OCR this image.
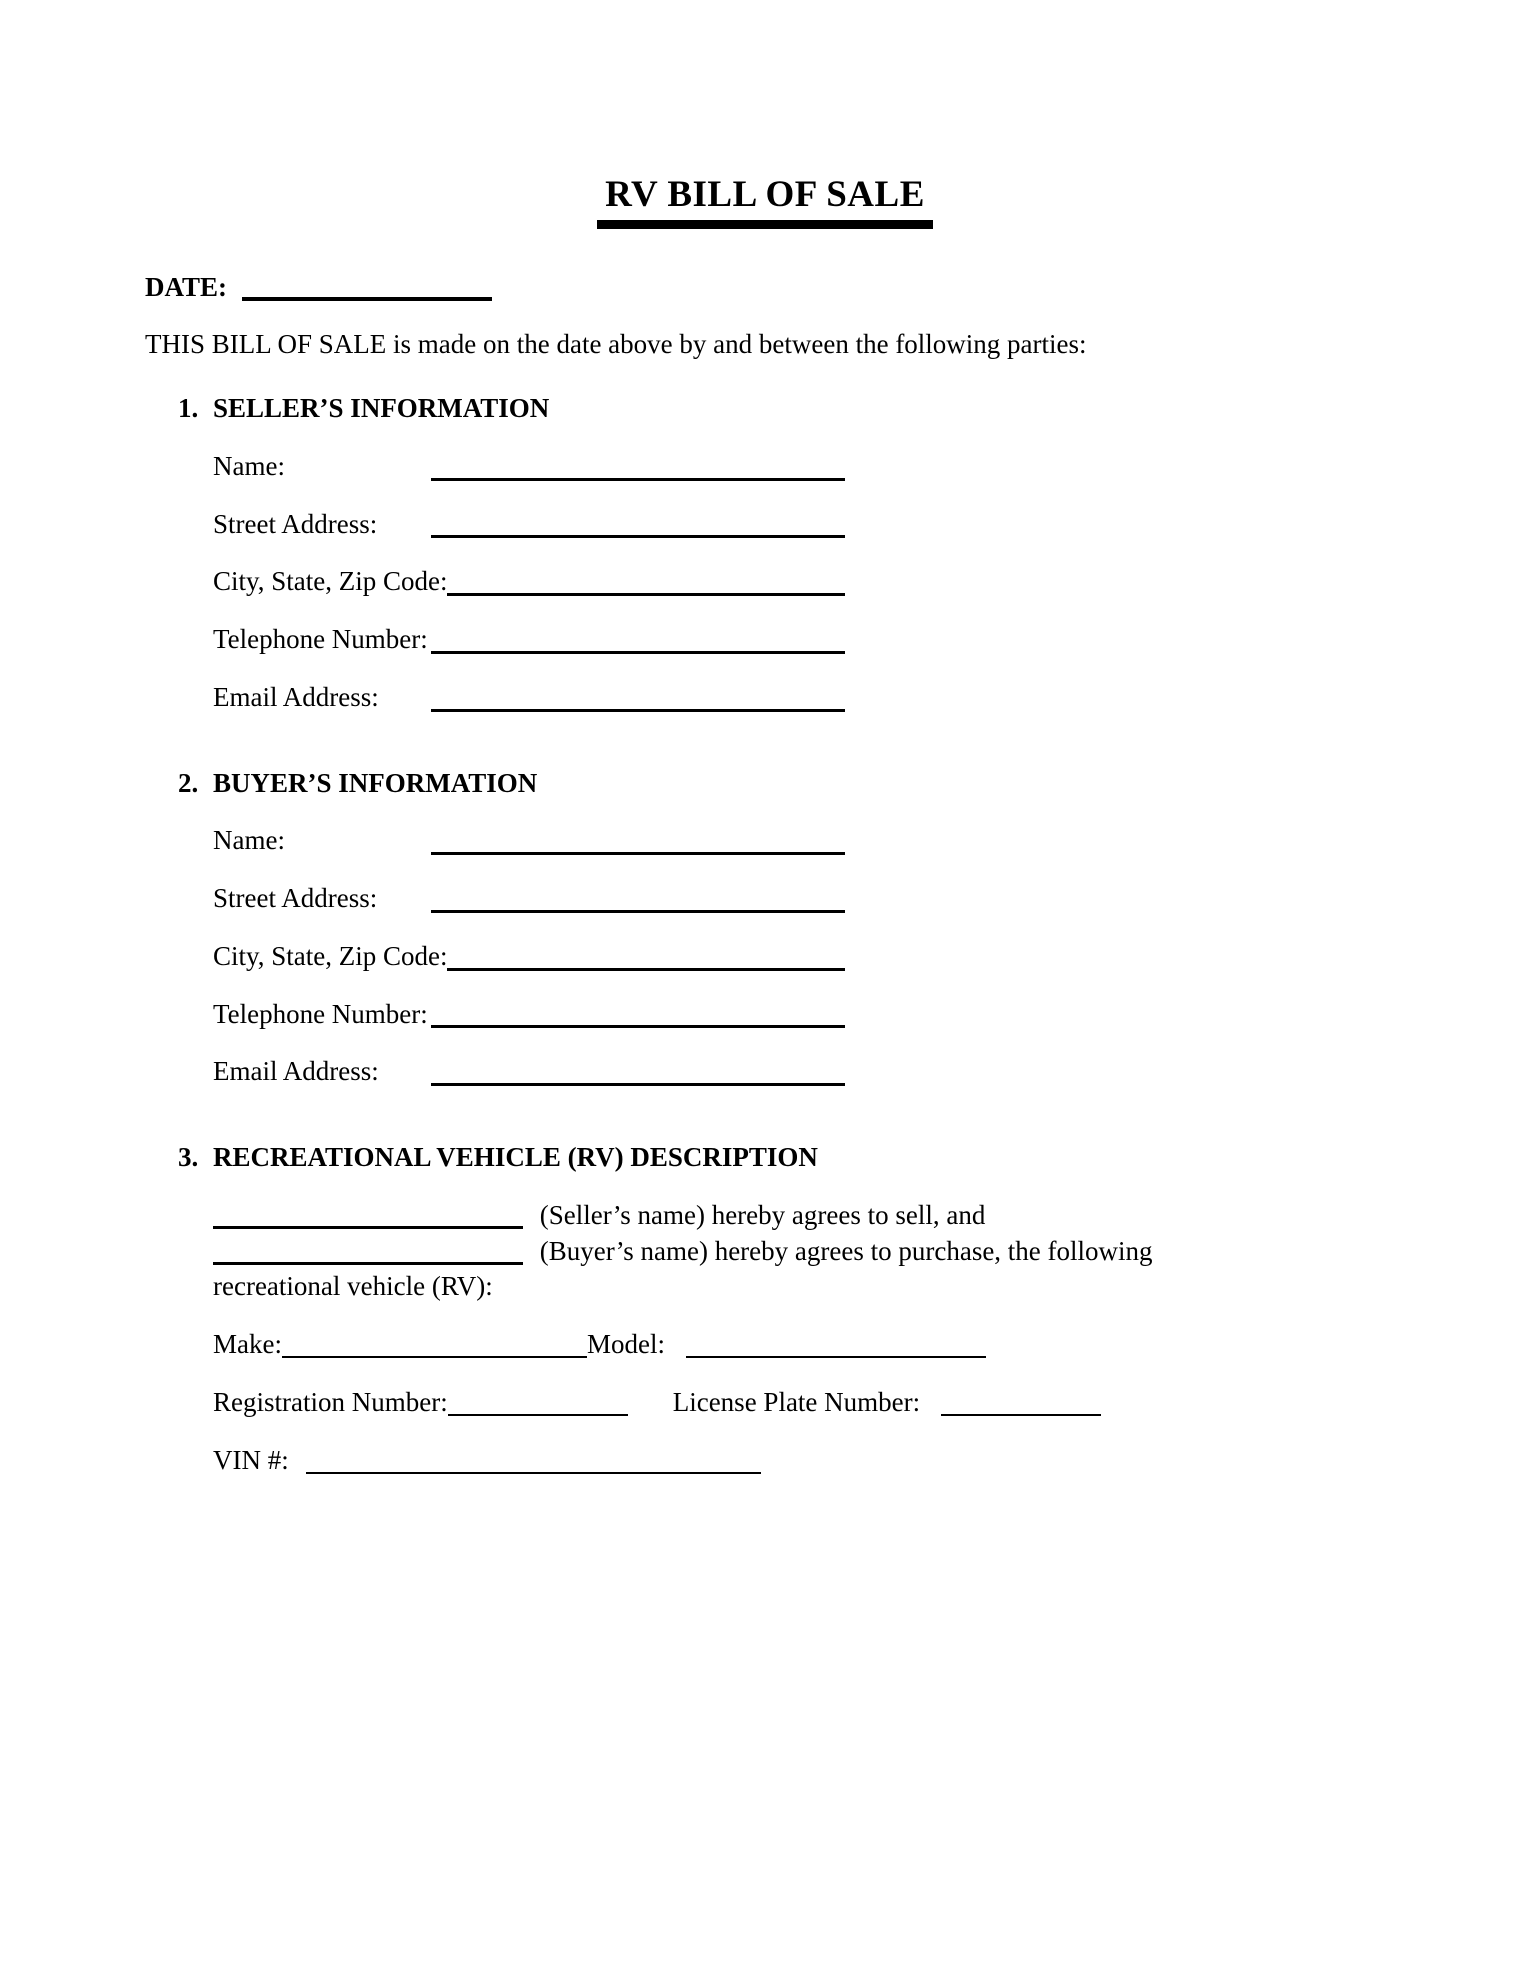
RV BILL OF SALE
DATE:

THIS BILL OF SALE is made on the date above by and between the following parties:

1. SELLER’S INFORMATION
Name:
Street Address:
City, State, Zip Code:
Telephone Number:
Email Address:
2. BUYER’S INFORMATION
Name:
Street Address:
City, State, Zip Code:
Telephone Number:
Email Address:
3. RECREATIONAL VEHICLE (RV) DESCRIPTION
(Seller’s name) hereby agrees to sell, and
(Buyer’s name) hereby agrees to purchase, the following
recreational vehicle (RV):
Make:	Model:
Registration Number:	License Plate Number:
VIN #:
